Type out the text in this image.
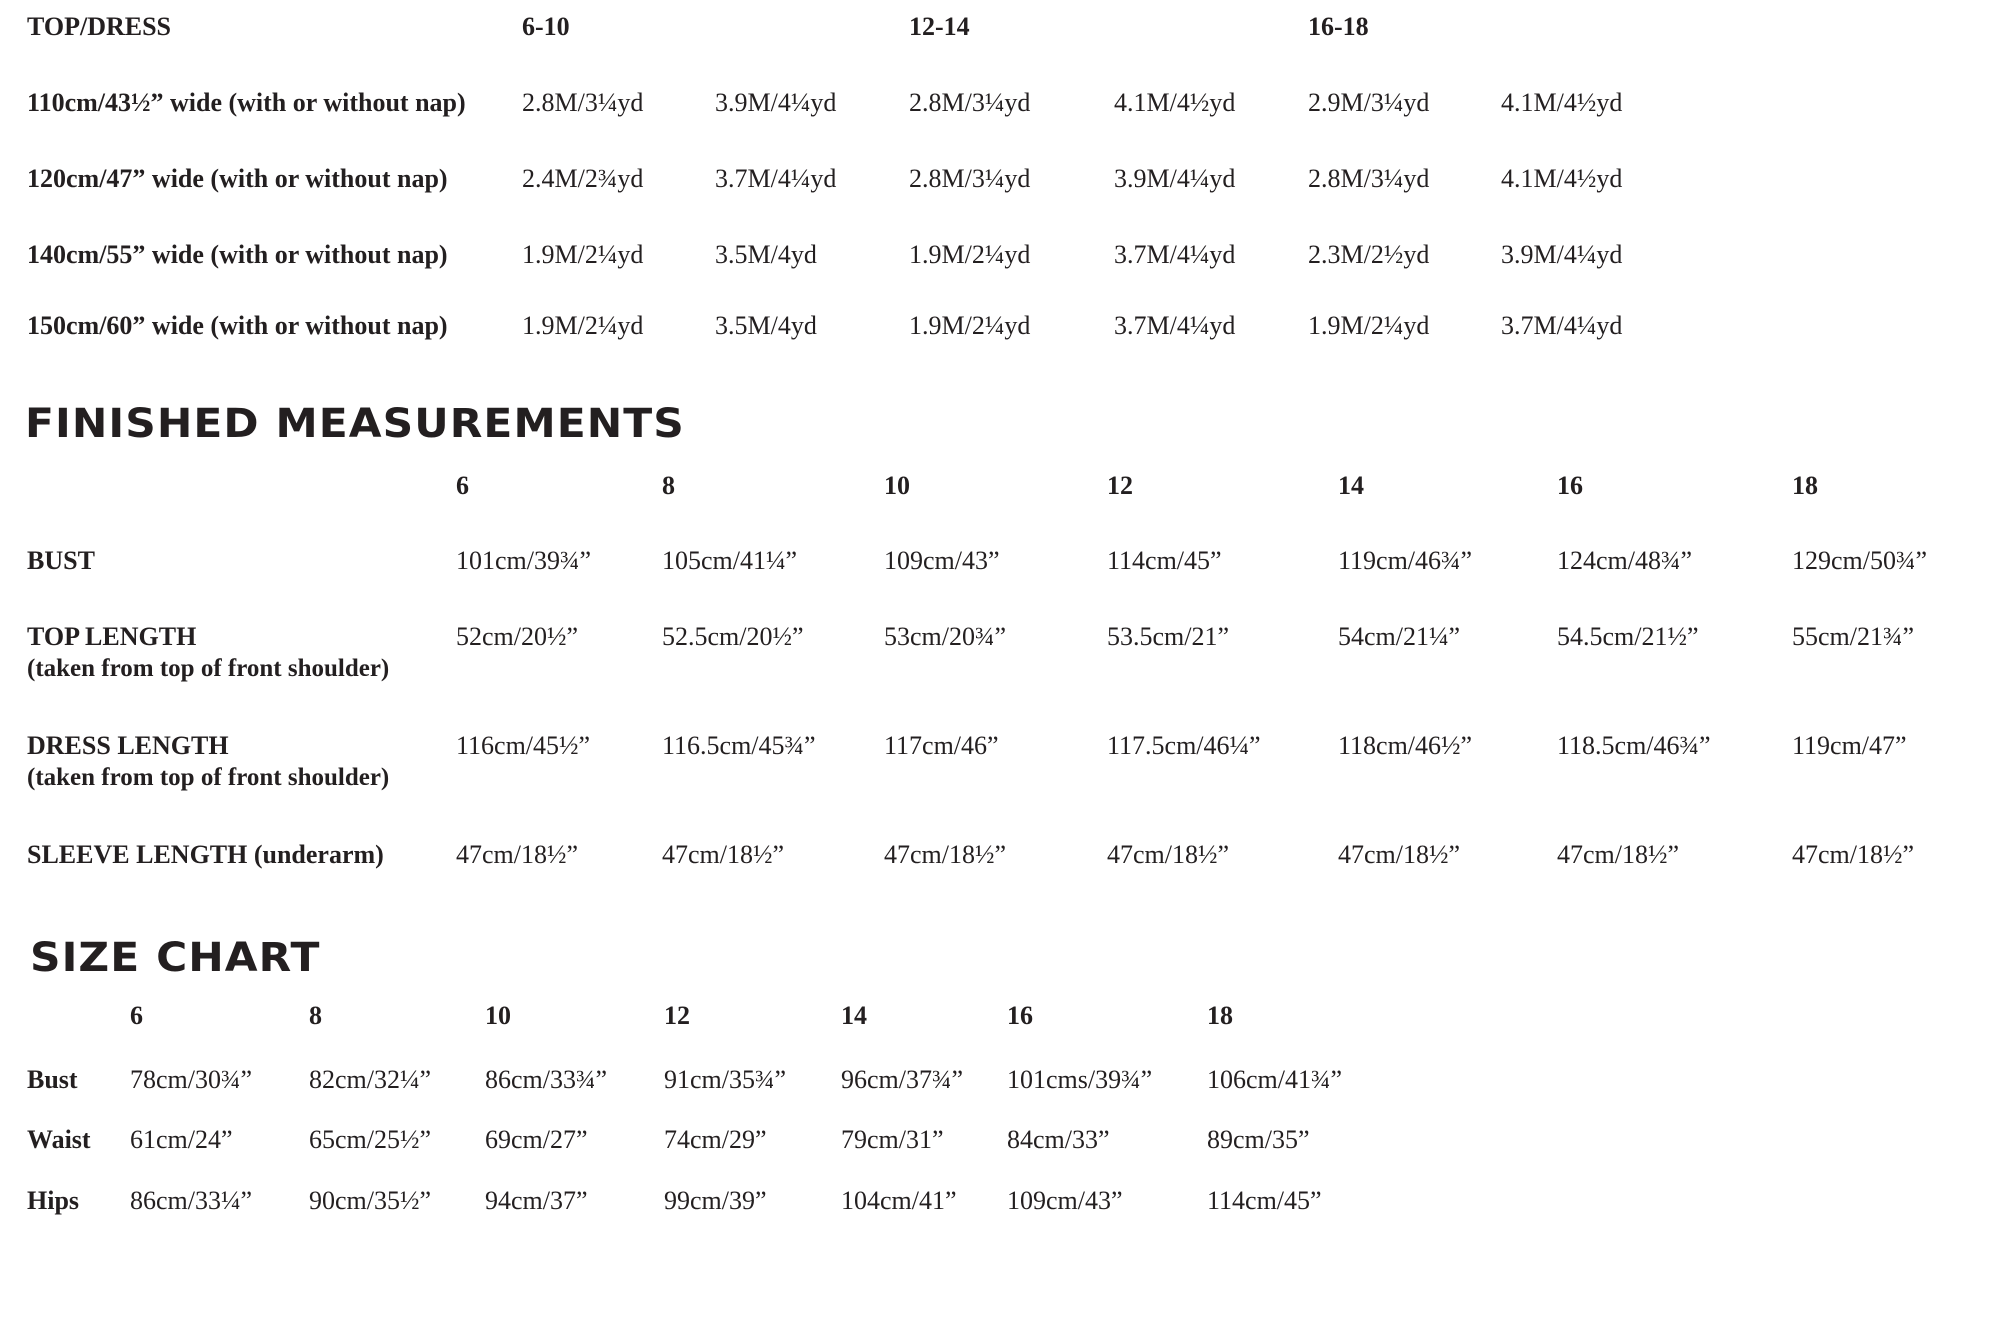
TOP/DRESS	6-10	12-14	16-18
110cm/43½” wide (with or without nap) 2.8M/3¼yd	3.9M/4¼yd	2.8M/3¼yd	4.1M/4½yd	2.9M/3¼yd	4.1M/4½yd
120cm/47” wide (with or without nap)	2.4M/2¾yd	3.7M/4¼yd	2.8M/3¼yd	3.9M/4¼yd	2.8M/3¼yd	4.1M/4½yd
140cm/55” wide (with or without nap)	1.9M/2¼yd	3.5M/4yd	1.9M/2¼yd	3.7M/4¼yd	2.3M/2½yd	3.9M/4¼yd
150cm/60” wide (with or without nap)	1.9M/2¼yd	3.5M/4yd	1.9M/2¼yd	3.7M/4¼yd	1.9M/2¼yd	3.7M/4¼yd
FINISHED MEASUREMENTS
6	8	10	12	14	16	18
BUST	101cm/39¾”	105cm/41¼”	109cm/43”	114cm/45”	119cm/46¾”	124cm/48¾”	129cm/50¾”
TOP LENGTH
(taken from top of front shoulder)
52cm/20½”	52.5cm/20½”	53cm/20¾”	53.5cm/21”	54cm/21¼”	54.5cm/21½”	55cm/21¾”
DRESS LENGTH
(taken from top of front shoulder)
116cm/45½”	116.5cm/45¾”	117cm/46”	117.5cm/46¼”	118cm/46½”	118.5cm/46¾”	119cm/47”
SLEEVE LENGTH (underarm)	47cm/18½”	47cm/18½”	47cm/18½”	47cm/18½”	47cm/18½”	47cm/18½”	47cm/18½”
SIZE CHART
6	8	10	12	14	16	18
Bust 78cm/30¾” 82cm/32¼” 86cm/33¾” 91cm/35¾” 96cm/37¾” 101cms/39¾” 106cm/41¾”
Waist 61cm/24”	65cm/25½” 69cm/27”	74cm/29”	79cm/31” 84cm/33”	89cm/35”
Hips 86cm/33¼” 90cm/35½” 94cm/37”	99cm/39”	104cm/41” 109cm/43”	114cm/45”
